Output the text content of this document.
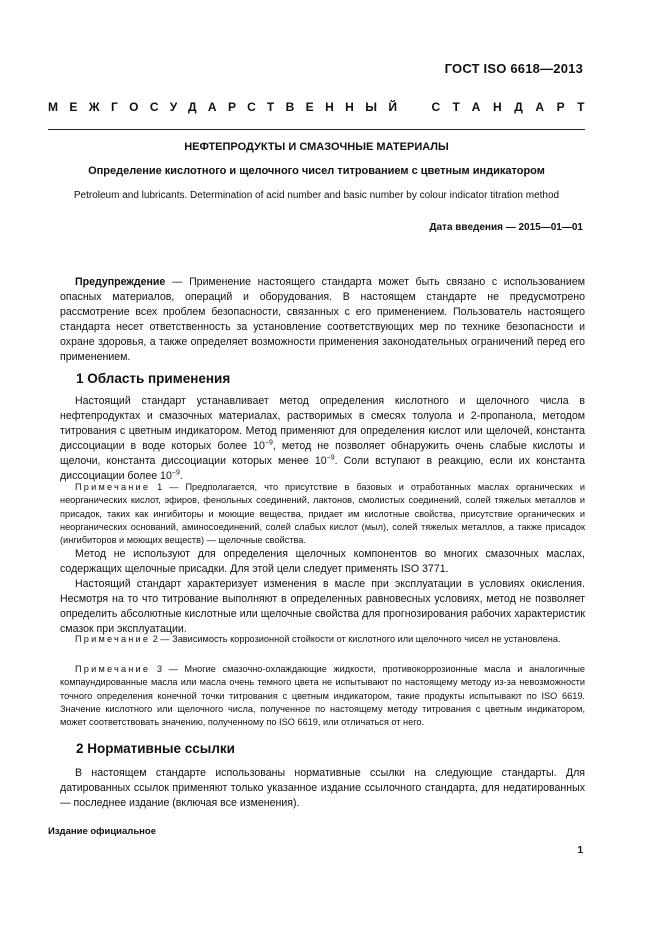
ГОСТ ISO 6618—2013
МЕЖГОСУДАРСТВЕННЫЙ СТАНДАРТ
НЕФТЕПРОДУКТЫ И СМАЗОЧНЫЕ МАТЕРИАЛЫ
Определение кислотного и щелочного чисел титрованием с цветным индикатором
Petroleum and lubricants. Determination of acid number and basic number by colour indicator titration method
Дата введения — 2015—01—01

Предупреждение — Применение настоящего стандарта может быть связано с использованием опасных материалов, операций и оборудования. В настоящем стандарте не предусмотрено рассмотрение всех проблем безопасности, связанных с его применением. Пользователь настоящего стандарта несет ответственность за установление соответствующих мер по технике безопасности и охране здоровья, а также определяет возможности применения законодательных ограничений перед его применением.

1 Область применения

Настоящий стандарт устанавливает метод определения кислотного и щелочного числа в нефтепродуктах и смазочных материалах, растворимых в смесях толуола и 2-пропанола, методом титрования с цветным индикатором. Метод применяют для определения кислот или щелочей, константа диссоциации в воде которых более $10^{-9}$, метод не позволяет обнаружить очень слабые кислоты и щелочи, константа диссоциации которых менее $10^{-9}$. Соли вступают в реакцию, если их константа диссоциации более $10^{-9}$.

Примечание 1 — Предполагается, что присутствие в базовых и отработанных маслах органических и неорганических кислот, эфиров, фенольных соединений, лактонов, смолистых соединений, солей тяжелых металлов и присадок, таких как ингибиторы и моющие вещества, придает им кислотные свойства, присутствие органических и неорганических оснований, аминосоединений, солей слабых кислот (мыл), солей тяжелых металлов, а также присадок (ингибиторов и моющих веществ) — щелочные свойства.

Метод не используют для определения щелочных компонентов во многих смазочных маслах, содержащих щелочные присадки. Для этой цели следует применять ISO 3771.

Настоящий стандарт характеризует изменения в масле при эксплуатации в условиях окисления. Несмотря на то что титрование выполняют в определенных равновесных условиях, метод не позволяет определить абсолютные кислотные или щелочные свойства для прогнозирования рабочих характеристик смазок при эксплуатации.

Примечание 2 — Зависимость коррозионной стойкости от кислотного или щелочного чисел не установлена.

Примечание 3 — Многие смазочно-охлаждающие жидкости, противокоррозионные масла и аналогичные компаундированные масла или масла очень темного цвета не испытывают по настоящему методу из-за невозможности точного определения конечной точки титрования с цветным индикатором, такие продукты испытывают по ISO 6619. Значение кислотного или щелочного числа, полученное по настоящему методу титрования с цветным индикатором, может соответствовать значению, полученному по ISO 6619, или отличаться от него.

2 Нормативные ссылки

В настоящем стандарте использованы нормативные ссылки на следующие стандарты. Для датированных ссылок применяют только указанное издание ссылочного стандарта, для недатированных — последнее издание (включая все изменения).

Издание официальное
1
